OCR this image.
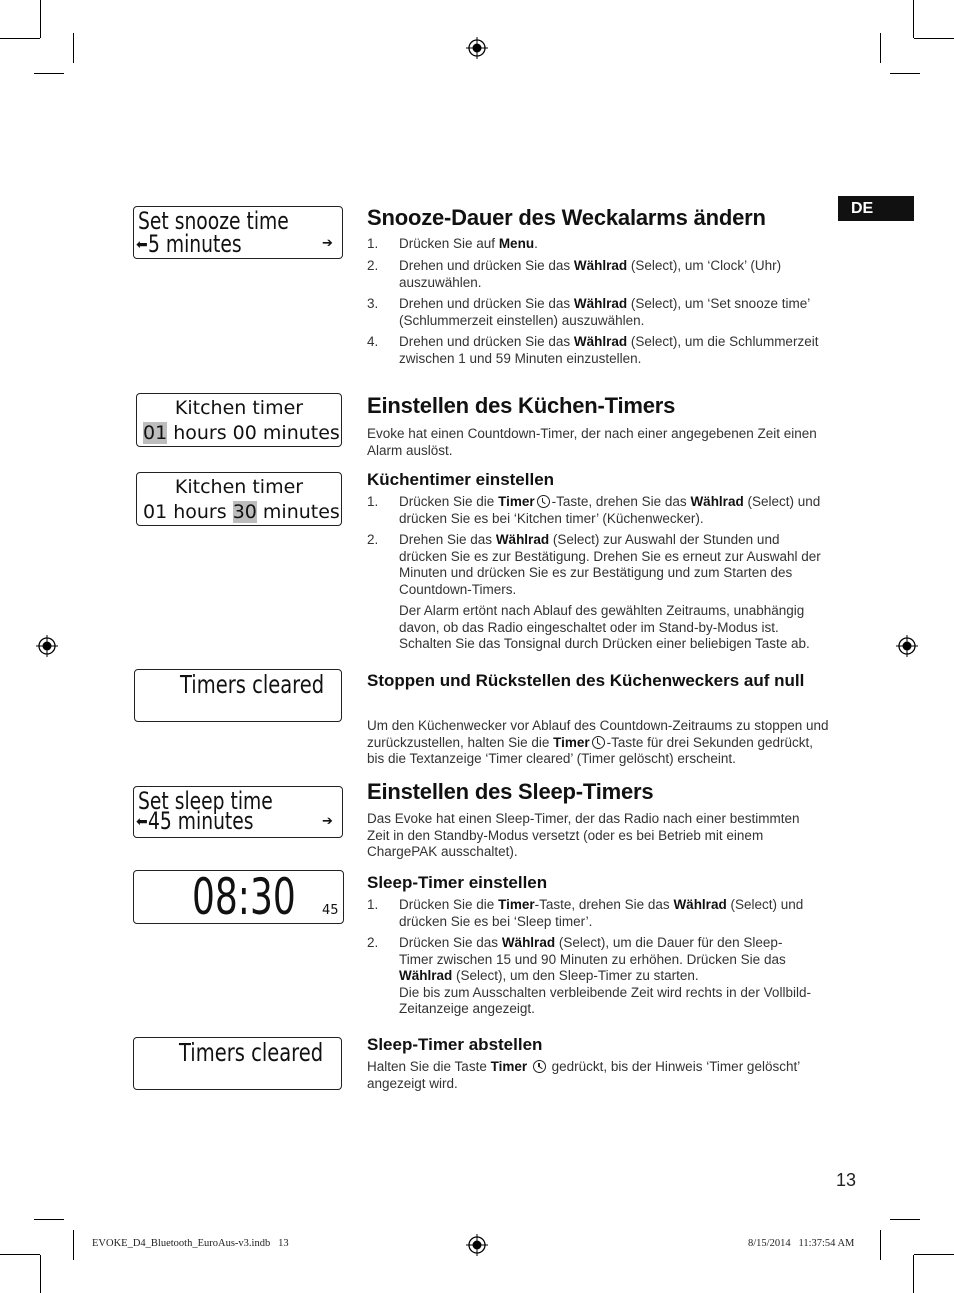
DE
Set snooze time
⬅5 minutes	➔
Kitchen timer
01 hours 00 minutes
Kitchen timer
01 hours 30 minutes
Timers cleared
Set sleep time
⬅45 minutes	➔
08:30	45
Timers cleared
Snooze-Dauer des Weckalarms ändern
1. Drücken Sie auf Menu.
2. Drehen und drücken Sie das Wählrad (Select), um ‘Clock’ (Uhr) auszuwählen.
3. Drehen und drücken Sie das Wählrad (Select), um ‘Set snooze time’ (Schlummerzeit einstellen) auszuwählen.
4. Drehen und drücken Sie das Wählrad (Select), um die Schlummerzeit zwischen 1 und 59 Minuten einzustellen.
Einstellen des Küchen-Timers
Evoke hat einen Countdown-Timer, der nach einer angegebenen Zeit einen Alarm auslöst.
Küchentimer einstellen
1. Drücken Sie die Timer -Taste, drehen Sie das Wählrad (Select) und drücken Sie es bei ‘Kitchen timer’ (Küchenwecker).
2. Drehen Sie das Wählrad (Select) zur Auswahl der Stunden und drücken Sie es zur Bestätigung. Drehen Sie es erneut zur Auswahl der Minuten und drücken Sie es zur Bestätigung und zum Starten des Countdown-Timers.
Der Alarm ertönt nach Ablauf des gewählten Zeitraums, unabhängig davon, ob das Radio eingeschaltet oder im Stand-by-Modus ist. Schalten Sie das Tonsignal durch Drücken einer beliebigen Taste ab.
Stoppen und Rückstellen des Küchenweckers auf null
Um den Küchenwecker vor Ablauf des Countdown-Zeitraums zu stoppen und zurückzustellen, halten Sie die Timer -Taste für drei Sekunden gedrückt, bis die Textanzeige ‘Timer cleared’ (Timer gelöscht) erscheint.
Einstellen des Sleep-Timers
Das Evoke hat einen Sleep-Timer, der das Radio nach einer bestimmten Zeit in den Standby-Modus versetzt (oder es bei Betrieb mit einem ChargePAK ausschaltet).
Sleep-Timer einstellen
1. Drücken Sie die Timer-Taste, drehen Sie das Wählrad (Select) und drücken Sie es bei ‘Sleep timer’.
2. Drücken Sie das Wählrad (Select), um die Dauer für den Sleep-Timer zwischen 15 und 90 Minuten zu erhöhen. Drücken Sie das Wählrad (Select), um den Sleep-Timer zu starten.
Die bis zum Ausschalten verbleibende Zeit wird rechts in der Vollbild-Zeitanzeige angezeigt.
Sleep-Timer abstellen
Halten Sie die Taste Timer  gedrückt, bis der Hinweis ‘Timer gelöscht’ angezeigt wird.
13
EVOKE_D4_Bluetooth_EuroAus-v3.indb   13	8/15/2014   11:37:54 AM
